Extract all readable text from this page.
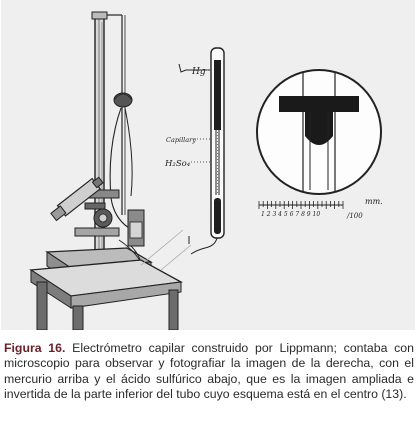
Hg
Capillary
H₂So₄
mm.
1 2 3 4 5 6 7 8 9 10	/100
Figura 16. Electrómetro capilar construido por Lippmann; contaba con microscopio para observar y fotografiar la imagen de la derecha, con el mercurio arriba y el ácido sulfúrico abajo, que es la imagen ampliada e invertida de la parte inferior del tubo cuyo esquema está en el centro (13).
